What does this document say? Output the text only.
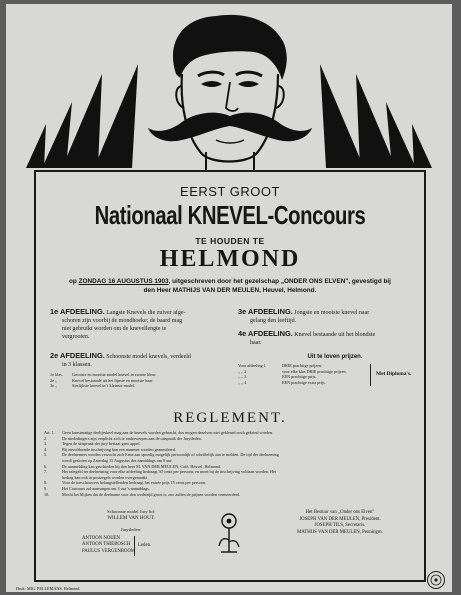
EERST GROOT
Nationaal KNEVEL-Concours
TE HOUDEN TE
HELMOND
op ZONDAG 16 AUGUSTUS 1903, uitgeschreven door het gezelschap „ONDER ONS ELVEN", gevestigd bij
den Heer MATHIJS VAN DER MEULEN, Heuvel, Helmond.
1e AFDEELING. Langste Knevels die zuiver afge-
schoren zijn voorbij de mondhoeke; de baard mag
niet gebruikt worden om de knevellengte te
vergrooten.
2e AFDEELING. Schoonste model knevels, verdeeld
in 3 klassen.
1e klas. Grootste en mooiste model knevel in zwarte kleur.
2e ,,	Knevel bestaande uit het fijnste en mooiste haar.
3e ,,	Sierlijkste knevel in 't kleinste model.
3e AFDEELING. Jongste en mooiste knevel naar
gelang den leeftijd.
4e AFDEELING. Knevel bestaande uit het blondste
haar.
Uit te loven prijzen.
Voor afdeeling 1	DRIE prachtige prijzen.
,, ,, 2	voor elke klas DRIE prachtige prijzen.
,, ,, 3	EEN prachtige prijs.
,, ,, 4	EEN prachtige extra prijs.
Met Diploma's.
REGLEMENT.
Art. 1. Geen kunstmatige deeltjeskeel mag aan de knevels worden gebracht, dus mogen dezelven niet gekleurd noch gekrind worden.
2.	De mededingers zijn verplicht zich te onderwerpen aan de uitspraak der Jurytleden.
3.	Tegen de uitspraak der jury bestaat geen appel.
4.	Bij onvoldoende inschrijving kan een nummer worden geannuleerd.
5.	De deelnemers worden verzocht zich Eene aan spoedig mogelijk persoonlijk of schriftelijk aan te melden. De tijd der deelneming
wordt gesloten op Zaterdag 15 Augustus des namiddags om 8 uur.
6.	De aanmelding kan geschieden bij den heer M. VAN DER MEULEN, Café, Heuvel, Helmond.
7.	Het inlegeld ter deelneming voor elke afdeeling bedraagt 30 cents per persoon, en moet bij de inschrijving voldaan worden. Het
bedrag kan ook in postzegels worden overgemaakt.
8.	Voor de toeschouwers belangstellenden bedraagt het entrée prijs 15 cents per persoon.
9.	Het Concours zal aanvangen om 3 uur 's namiddags.
10.	Mocht het blijken dat de deelname voor den wedstrijd groot is, zoo zullen de prijzen worden vermeerderd.
Schoonste model Jury lid:
WILLEM VAN HOUT.
Jurytleden:
ANTOON NOIJEN
ANTOON THIEBOSCH
PAULUS VERGENBOOM
Leden.
Het Bestuur van „Onder ons Elven"
JOSEPH VAN DER MEULEN, President.
JOSEPH TILS, Secretaris.
MATHIJS VAN DER MEULEN, Penningm.
Druk: MIG. PELLEMANS, Helmond.
